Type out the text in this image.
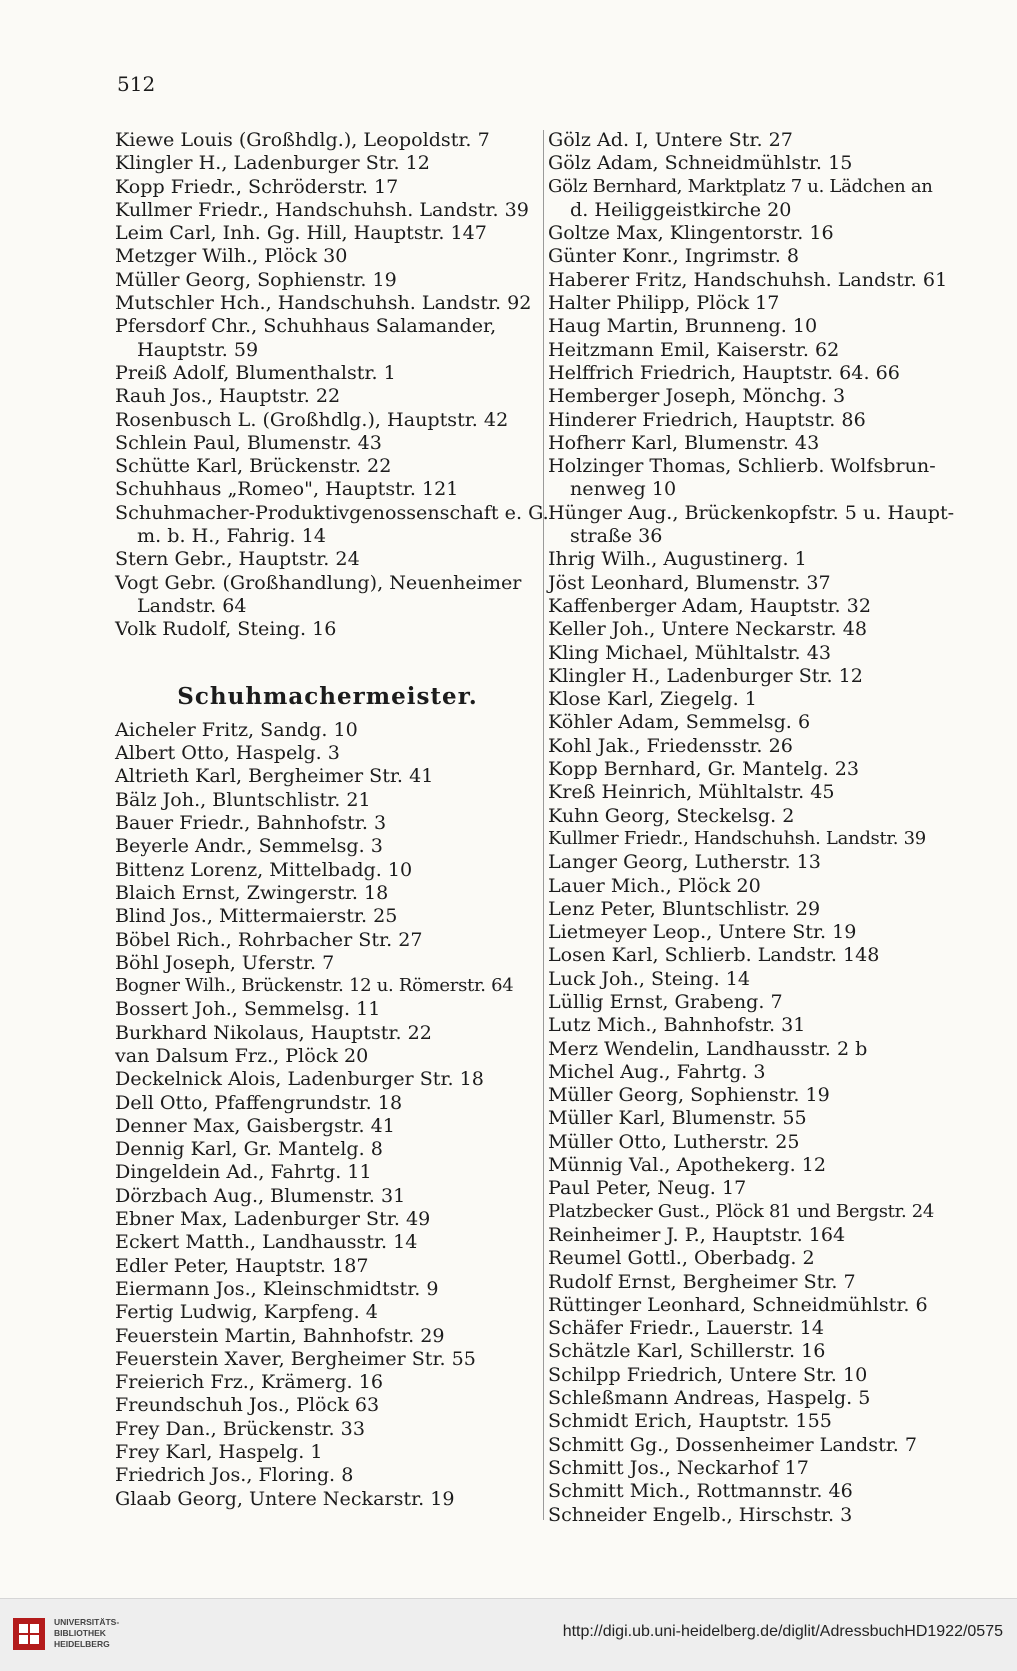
512
Kiewe Louis (Großhdlg.), Leopoldstr. 7
Klingler H., Ladenburger Str. 12
Kopp Friedr., Schröderstr. 17
Kullmer Friedr., Handschuhsh. Landstr. 39
Leim Carl, Inh. Gg. Hill, Hauptstr. 147
Metzger Wilh., Plöck 30
Müller Georg, Sophienstr. 19
Mutschler Hch., Handschuhsh. Landstr. 92
Pfersdorf Chr., Schuhhaus Salamander,
Hauptstr. 59
Preiß Adolf, Blumenthalstr. 1
Rauh Jos., Hauptstr. 22
Rosenbusch L. (Großhdlg.), Hauptstr. 42
Schlein Paul, Blumenstr. 43
Schütte Karl, Brückenstr. 22
Schuhhaus „Romeo", Hauptstr. 121
Schuhmacher-Produktivgenossenschaft e. G.
m. b. H., Fahrig. 14
Stern Gebr., Hauptstr. 24
Vogt Gebr. (Großhandlung), Neuenheimer
Landstr. 64
Volk Rudolf, Steing. 16
Schuhmachermeister.
Aicheler Fritz, Sandg. 10
Albert Otto, Haspelg. 3
Altrieth Karl, Bergheimer Str. 41
Bälz Joh., Bluntschlistr. 21
Bauer Friedr., Bahnhofstr. 3
Beyerle Andr., Semmelsg. 3
Bittenz Lorenz, Mittelbadg. 10
Blaich Ernst, Zwingerstr. 18
Blind Jos., Mittermaierstr. 25
Böbel Rich., Rohrbacher Str. 27
Böhl Joseph, Uferstr. 7
Bogner Wilh., Brückenstr. 12 u. Römerstr. 64
Bossert Joh., Semmelsg. 11
Burkhard Nikolaus, Hauptstr. 22
van Dalsum Frz., Plöck 20
Deckelnick Alois, Ladenburger Str. 18
Dell Otto, Pfaffengrundstr. 18
Denner Max, Gaisbergstr. 41
Dennig Karl, Gr. Mantelg. 8
Dingeldein Ad., Fahrtg. 11
Dörzbach Aug., Blumenstr. 31
Ebner Max, Ladenburger Str. 49
Eckert Matth., Landhausstr. 14
Edler Peter, Hauptstr. 187
Eiermann Jos., Kleinschmidtstr. 9
Fertig Ludwig, Karpfeng. 4
Feuerstein Martin, Bahnhofstr. 29
Feuerstein Xaver, Bergheimer Str. 55
Freierich Frz., Krämerg. 16
Freundschuh Jos., Plöck 63
Frey Dan., Brückenstr. 33
Frey Karl, Haspelg. 1
Friedrich Jos., Floring. 8
Glaab Georg, Untere Neckarstr. 19
Gölz Ad. I, Untere Str. 27
Gölz Adam, Schneidmühlstr. 15
Gölz Bernhard, Marktplatz 7 u. Lädchen an
d. Heiliggeistkirche 20
Goltze Max, Klingentorstr. 16
Günter Konr., Ingrimstr. 8
Haberer Fritz, Handschuhsh. Landstr. 61
Halter Philipp, Plöck 17
Haug Martin, Brunneng. 10
Heitzmann Emil, Kaiserstr. 62
Helffrich Friedrich, Hauptstr. 64. 66
Hemberger Joseph, Mönchg. 3
Hinderer Friedrich, Hauptstr. 86
Hofherr Karl, Blumenstr. 43
Holzinger Thomas, Schlierb. Wolfsbrun-
nenweg 10
Hünger Aug., Brückenkopfstr. 5 u. Haupt-
straße 36
Ihrig Wilh., Augustinerg. 1
Jöst Leonhard, Blumenstr. 37
Kaffenberger Adam, Hauptstr. 32
Keller Joh., Untere Neckarstr. 48
Kling Michael, Mühltalstr. 43
Klingler H., Ladenburger Str. 12
Klose Karl, Ziegelg. 1
Köhler Adam, Semmelsg. 6
Kohl Jak., Friedensstr. 26
Kopp Bernhard, Gr. Mantelg. 23
Kreß Heinrich, Mühltalstr. 45
Kuhn Georg, Steckelsg. 2
Kullmer Friedr., Handschuhsh. Landstr. 39
Langer Georg, Lutherstr. 13
Lauer Mich., Plöck 20
Lenz Peter, Bluntschlistr. 29
Lietmeyer Leop., Untere Str. 19
Losen Karl, Schlierb. Landstr. 148
Luck Joh., Steing. 14
Lüllig Ernst, Grabeng. 7
Lutz Mich., Bahnhofstr. 31
Merz Wendelin, Landhausstr. 2 b
Michel Aug., Fahrtg. 3
Müller Georg, Sophienstr. 19
Müller Karl, Blumenstr. 55
Müller Otto, Lutherstr. 25
Münnig Val., Apothekerg. 12
Paul Peter, Neug. 17
Platzbecker Gust., Plöck 81 und Bergstr. 24
Reinheimer J. P., Hauptstr. 164
Reumel Gottl., Oberbadg. 2
Rudolf Ernst, Bergheimer Str. 7
Rüttinger Leonhard, Schneidmühlstr. 6
Schäfer Friedr., Lauerstr. 14
Schätzle Karl, Schillerstr. 16
Schilpp Friedrich, Untere Str. 10
Schleßmann Andreas, Haspelg. 5
Schmidt Erich, Hauptstr. 155
Schmitt Gg., Dossenheimer Landstr. 7
Schmitt Jos., Neckarhof 17
Schmitt Mich., Rottmannstr. 46
Schneider Engelb., Hirschstr. 3
UNIVERSITÄTS-
BIBLIOTHEK
HEIDELBERG
http://digi.ub.uni-heidelberg.de/diglit/AdressbuchHD1922/0575
